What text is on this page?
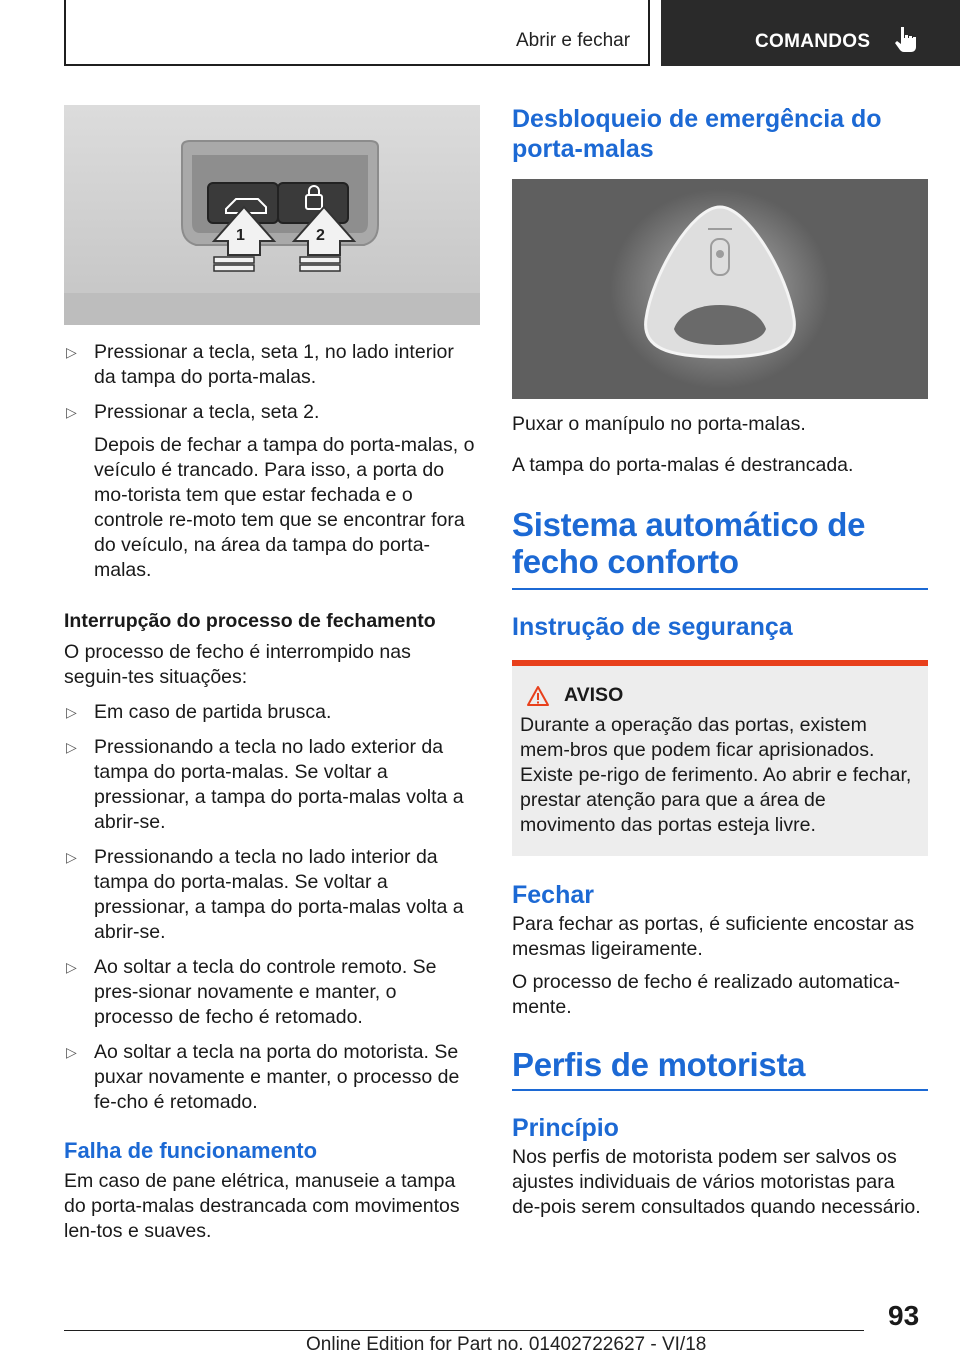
Abrir e fechar	COMANDOS
1	2
▷ Pressionar a tecla, seta 1, no lado interior da tampa do porta-malas.
▷ Pressionar a tecla, seta 2.
Depois de fechar a tampa do porta-malas, o veículo é trancado. Para isso, a porta do mo-torista tem que estar fechada e o controle re-moto tem que se encontrar fora do veículo, na área da tampa do porta-malas.
Interrupção do processo de fechamento
O processo de fecho é interrompido nas seguin-tes situações:
▷ Em caso de partida brusca.
▷ Pressionando a tecla no lado exterior da tampa do porta-malas. Se voltar a pressionar, a tampa do porta-malas volta a abrir-se.
▷ Pressionando a tecla no lado interior da tampa do porta-malas. Se voltar a pressionar, a tampa do porta-malas volta a abrir-se.
▷ Ao soltar a tecla do controle remoto. Se pres-sionar novamente e manter, o processo de fecho é retomado.
▷ Ao soltar a tecla na porta do motorista. Se puxar novamente e manter, o processo de fe-cho é retomado.
Falha de funcionamento
Em caso de pane elétrica, manuseie a tampa do porta-malas destrancada com movimentos len-tos e suaves.
Desbloqueio de emergência do porta-malas
Puxar o manípulo no porta-malas.
A tampa do porta-malas é destrancada.
Sistema automático de fecho conforto
Instrução de segurança
AVISO
Durante a operação das portas, existem mem-bros que podem ficar aprisionados. Existe pe-rigo de ferimento. Ao abrir e fechar, prestar atenção para que a área de movimento das portas esteja livre.
Fechar
Para fechar as portas, é suficiente encostar as mesmas ligeiramente.
O processo de fecho é realizado automatica-mente.
Perfis de motorista
Princípio
Nos perfis de motorista podem ser salvos os ajustes individuais de vários motoristas para de-pois serem consultados quando necessário.
93
Online Edition for Part no. 01402722627 - VI/18
